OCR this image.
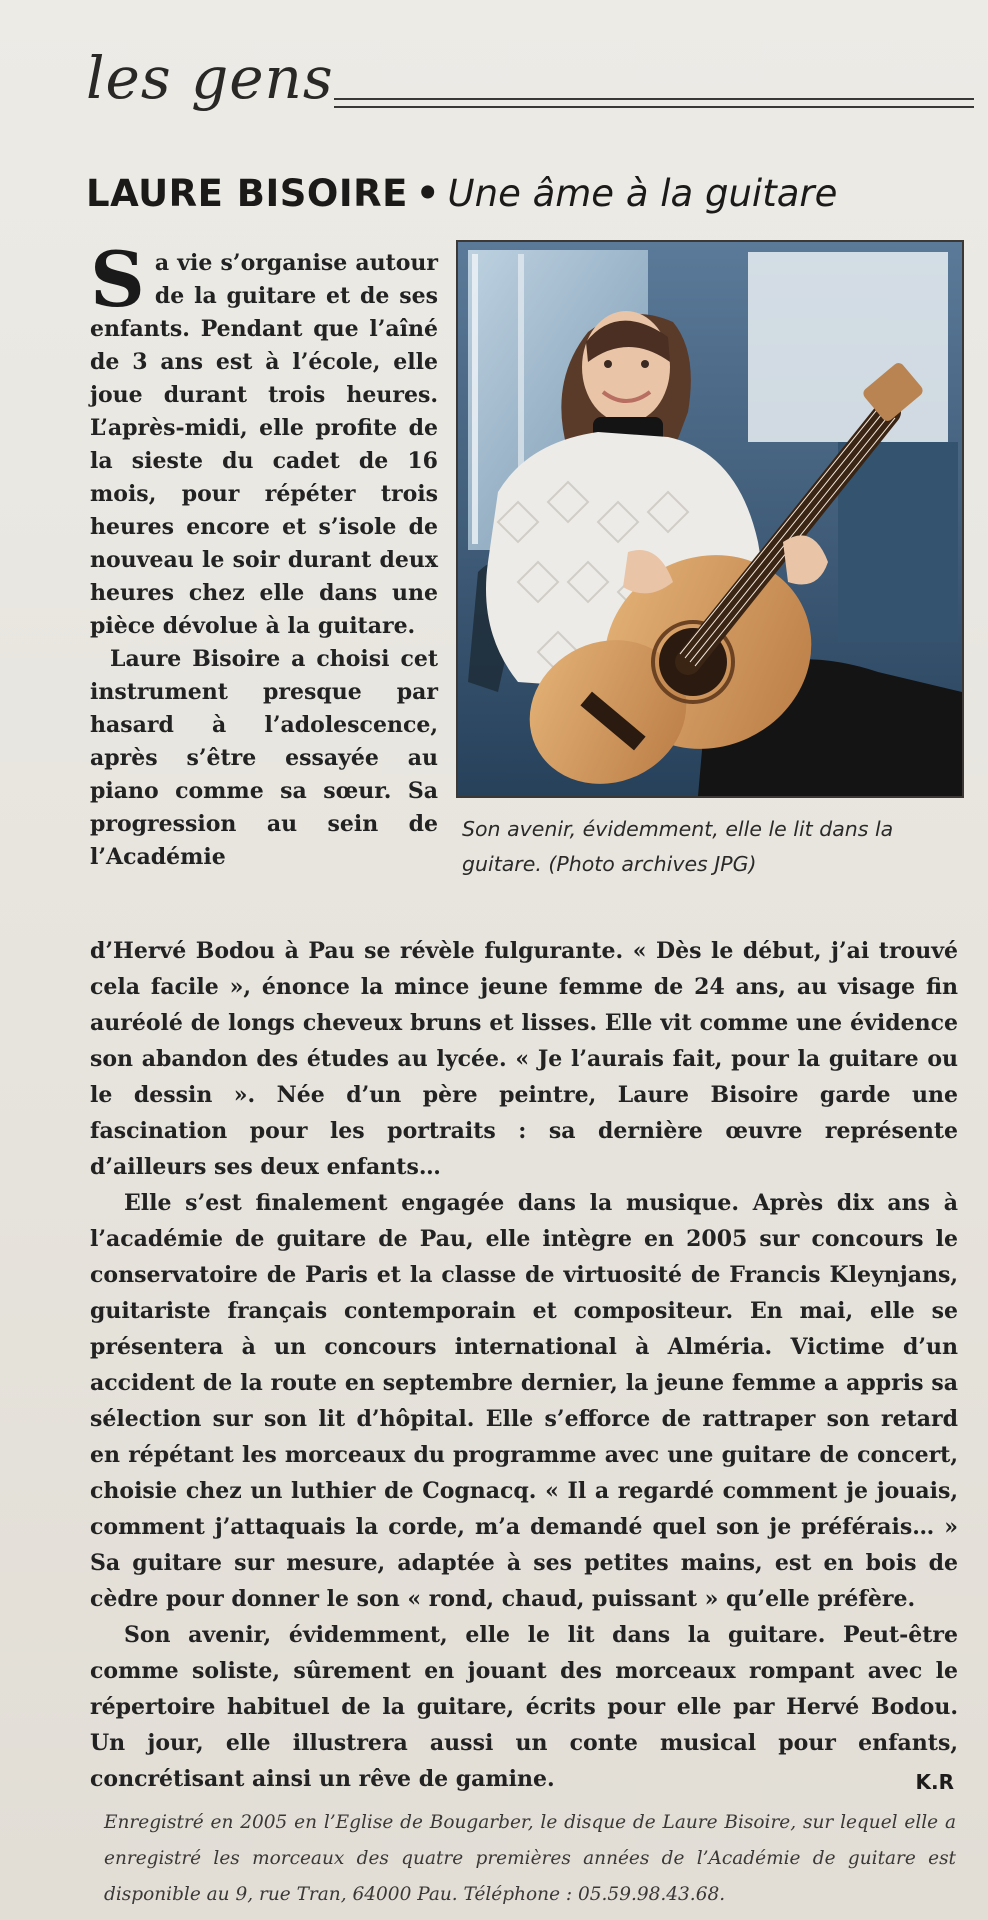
les gens
LAURE BISOIRE • Une âme à la guitare

Sa vie s’organise autour de la guitare et de ses enfants. Pendant que l’aîné de 3 ans est à l’école, elle joue durant trois heures. L’après-midi, elle profite de la sieste du cadet de 16 mois, pour répéter trois heures encore et s’isole de nouveau le soir durant deux heures chez elle dans une pièce dévolue à la guitare.

Laure Bisoire a choisi cet instrument presque par hasard à l’adolescence, après s’être essayée au piano comme sa sœur. Sa progression au sein de l’Académie

Son avenir, évidemment, elle le lit dans la guitare. (Photo archives JPG)

d’Hervé Bodou à Pau se révèle fulgurante. « Dès le début, j’ai trouvé cela facile », énonce la mince jeune femme de 24 ans, au visage fin auréolé de longs cheveux bruns et lisses. Elle vit comme une évidence son abandon des études au lycée. « Je l’aurais fait, pour la guitare ou le dessin ». Née d’un père peintre, Laure Bisoire garde une fascination pour les portraits : sa dernière œuvre représente d’ailleurs ses deux enfants…

Elle s’est finalement engagée dans la musique. Après dix ans à l’académie de guitare de Pau, elle intègre en 2005 sur concours le conservatoire de Paris et la classe de virtuosité de Francis Kleynjans, guitariste français contemporain et compositeur. En mai, elle se présentera à un concours international à Alméria. Victime d’un accident de la route en septembre dernier, la jeune femme a appris sa sélection sur son lit d’hôpital. Elle s’efforce de rattraper son retard en répétant les morceaux du programme avec une guitare de concert, choisie chez un luthier de Cognacq. « Il a regardé comment je jouais, comment j’attaquais la corde, m’a demandé quel son je préférais… » Sa guitare sur mesure, adaptée à ses petites mains, est en bois de cèdre pour donner le son « rond, chaud, puissant » qu’elle préfère.

Son avenir, évidemment, elle le lit dans la guitare. Peut-être comme soliste, sûrement en jouant des morceaux rompant avec le répertoire habituel de la guitare, écrits pour elle par Hervé Bodou. Un jour, elle illustrera aussi un conte musical pour enfants, concrétisant ainsi un rêve de gamine.	K.R
Enregistré en 2005 en l’Eglise de Bougarber, le disque de Laure Bisoire, sur lequel elle a enregistré les morceaux des quatre premières années de l’Académie de guitare est disponible au 9, rue Tran, 64000 Pau. Téléphone : 05.59.98.43.68.
